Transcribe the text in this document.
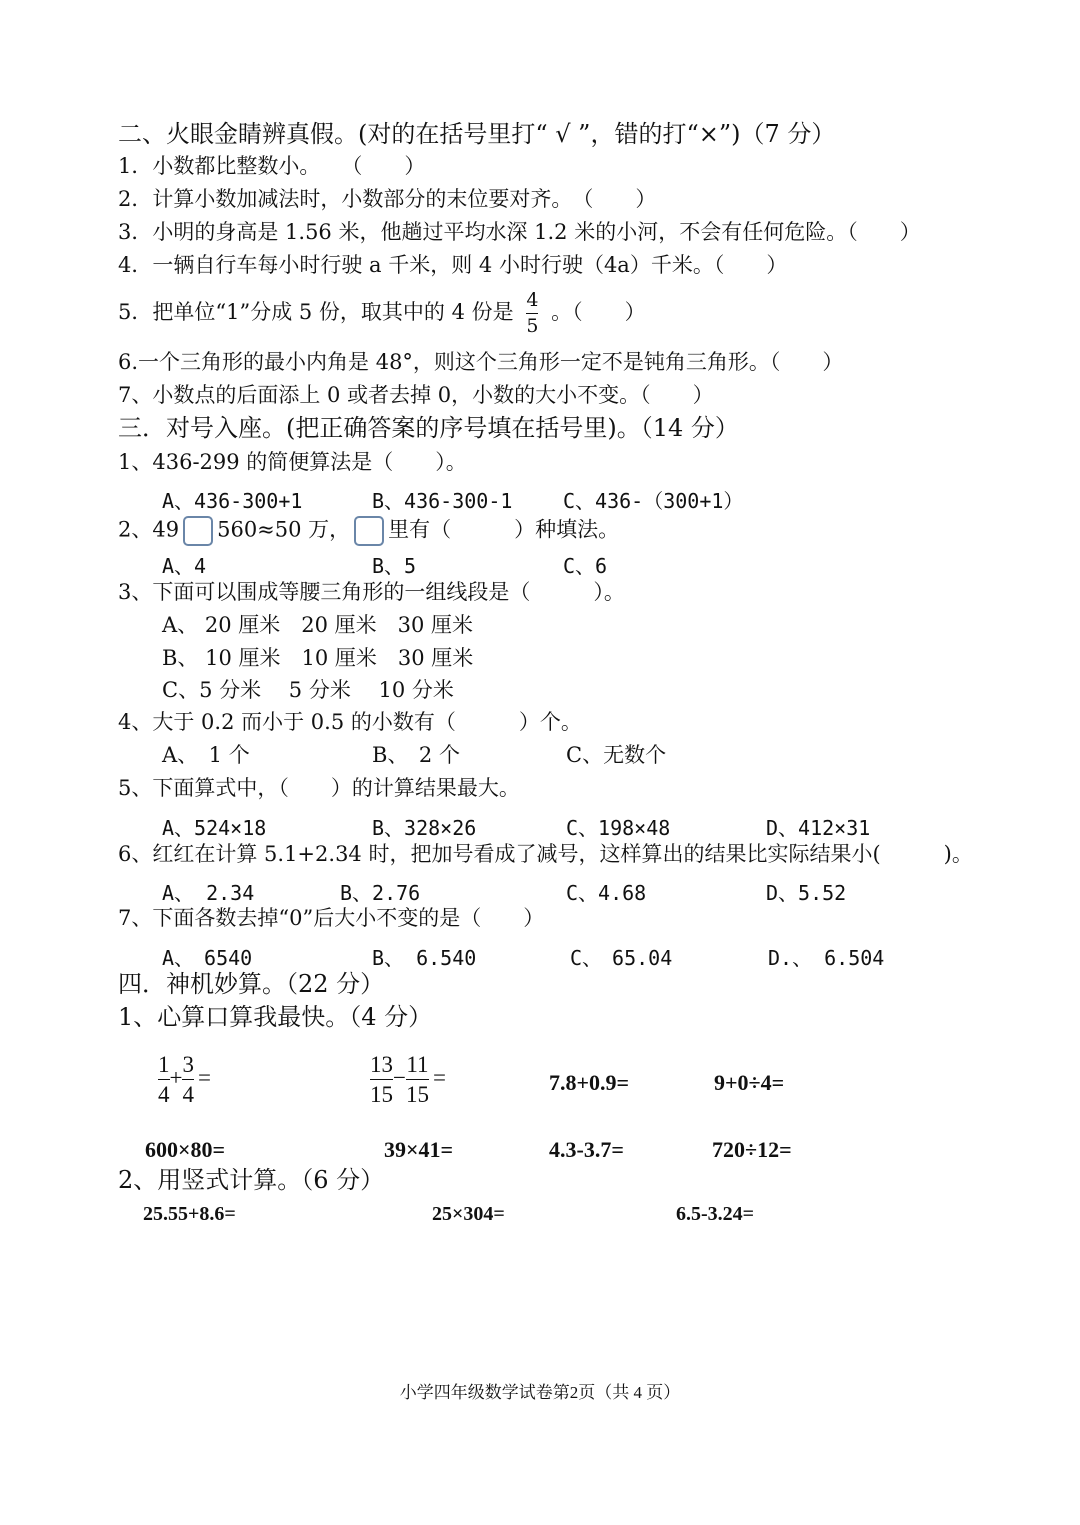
二、火眼金睛辨真假。(对的在括号里打“ √ ”，错的打“×”)（7 分）
1．小数都比整数小。　　（　　）
2．计算小数加减法时，小数部分的末位要对齐。　（　　）
3．小明的身高是 1.56 米，他趟过平均水深 1.2 米的小河，不会有任何危险。（　　）
4．一辆自行车每小时行驶 a 千米，则 4 小时行驶（4a）千米。（　　）
5．把单位“1”分成 5 份，取其中的 4 份是 $\frac{4}{5}$ 。（　　）
6.一个三角形的最小内角是 48°，则这个三角形一定不是钝角三角形。（　　）
7、小数点的后面添上 0 或者去掉 0，小数的大小不变。（　　）
三．对号入座。(把正确答案的序号填在括号里)。（14 分）
1、436-299 的简便算法是（　　）。
A、436-300+1	B、436-300-1	C、436-（300+1）
2、49 560≈50 万， 里有（　　　）种填法。
A、4	B、5	C、6
3、下面可以围成等腰三角形的一组线段是（　　　）。
A、 20 厘米　20 厘米　30 厘米
B、 10 厘米　10 厘米　30 厘米
C、5 分米　 5 分米　 10 分米
4、大于 0.2 而小于 0.5 的小数有（　　　）个。
A、　1 个	B、　2 个	C、无数个
5、下面算式中，（　　）的计算结果最大。
A、524×18	B、328×26	C、198×48	D、412×31
6、红红在计算 5.1+2.34 时，把加号看成了减号，这样算出的结果比实际结果小(　　　)。
A、 2.34	B、2.76	C、4.68	D、5.52
7、下面各数去掉“0”后大小不变的是（　　）
A、　6540	B、 6.540	C、　65.04	D.、 6.504
四．神机妙算。（22 分）
1、心算口算我最快。（4 分）
$\frac{1}{4} + \frac{3}{4}$ =	$\frac{13}{15} - \frac{11}{15}$ =	7.8+0.9=	9+0÷4=
600×80=	39×41=	4.3-3.7=	720÷12=
2、用竖式计算。（6 分）
25.55+8.6=	25×304=	6.5-3.24=
小学四年级数学试卷第2页（共 4 页）
